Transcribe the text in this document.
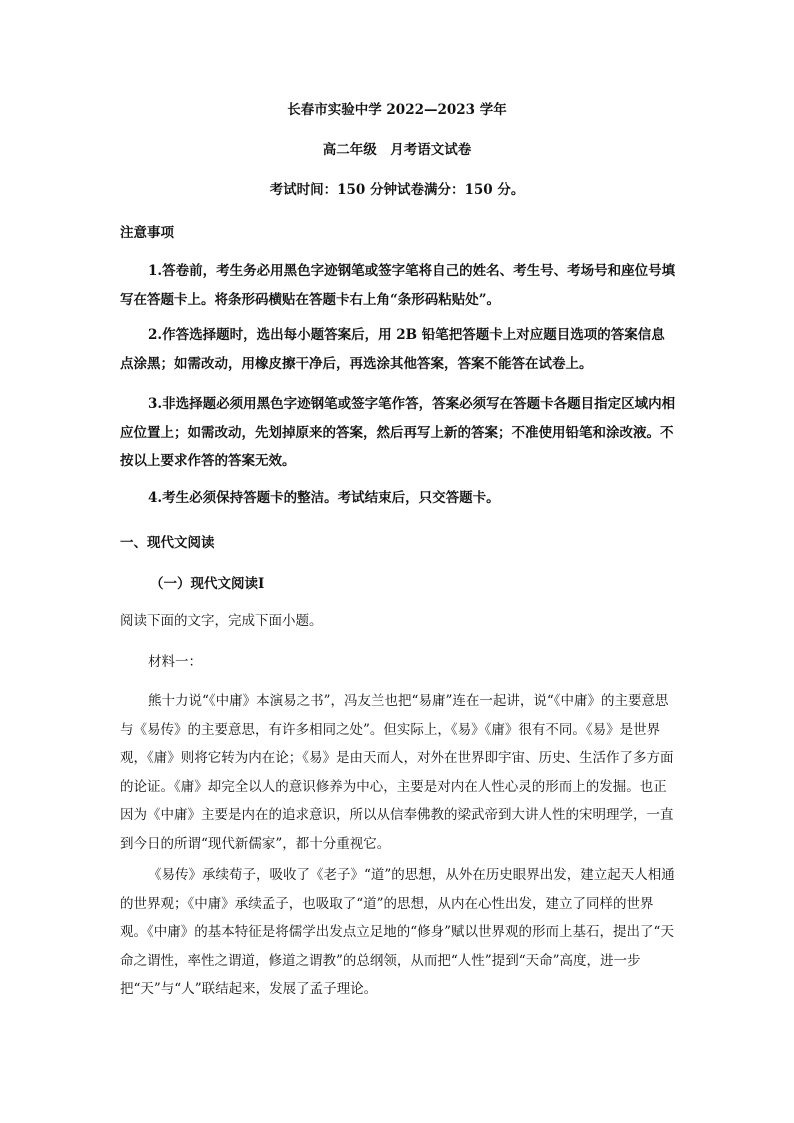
长春市实验中学 2022—2023 学年
高二年级　月考语文试卷
考试时间：150 分钟试卷满分：150 分。
注意事项
1.答卷前，考生务必用黑色字迹钢笔或签字笔将自己的姓名、考生号、考场号和座位号填写在答题卡上。将条形码横贴在答题卡右上角“条形码粘贴处”。
2.作答选择题时，选出每小题答案后，用 2B 铅笔把答题卡上对应题目选项的答案信息点涂黑；如需改动，用橡皮擦干净后，再选涂其他答案，答案不能答在试卷上。
3.非选择题必须用黑色字迹钢笔或签字笔作答，答案必须写在答题卡各题目指定区域内相应位置上；如需改动，先划掉原来的答案，然后再写上新的答案；不准使用铅笔和涂改液。不按以上要求作答的答案无效。
4.考生必须保持答题卡的整洁。考试结束后，只交答题卡。
一、现代文阅读
（一）现代文阅读Ⅰ
阅读下面的文字，完成下面小题。
材料一：
熊十力说“《中庸》本演易之书”，冯友兰也把“易庸”连在一起讲，说“《中庸》的主要意思与《易传》的主要意思，有许多相同之处”。但实际上，《易》《庸》很有不同。《易》是世界观，《庸》则将它转为内在论；《易》是由天而人，对外在世界即宇宙、历史、生活作了多方面的论证。《庸》却完全以人的意识修养为中心，主要是对内在人性心灵的形而上的发掘。也正因为《中庸》主要是内在的追求意识，所以从信奉佛教的梁武帝到大讲人性的宋明理学，一直到今日的所谓“现代新儒家”，都十分重视它。
《易传》承续荀子，吸收了《老子》“道”的思想，从外在历史眼界出发，建立起天人相通的世界观；《中庸》承续孟子，也吸取了“道”的思想，从内在心性出发，建立了同样的世界观。《中庸》的基本特征是将儒学出发点立足地的“修身”赋以世界观的形而上基石，提出了“天命之谓性，率性之谓道，修道之谓教”的总纲领，从而把“人性”提到“天命”高度，进一步把“天”与“人”联结起来，发展了孟子理论。
